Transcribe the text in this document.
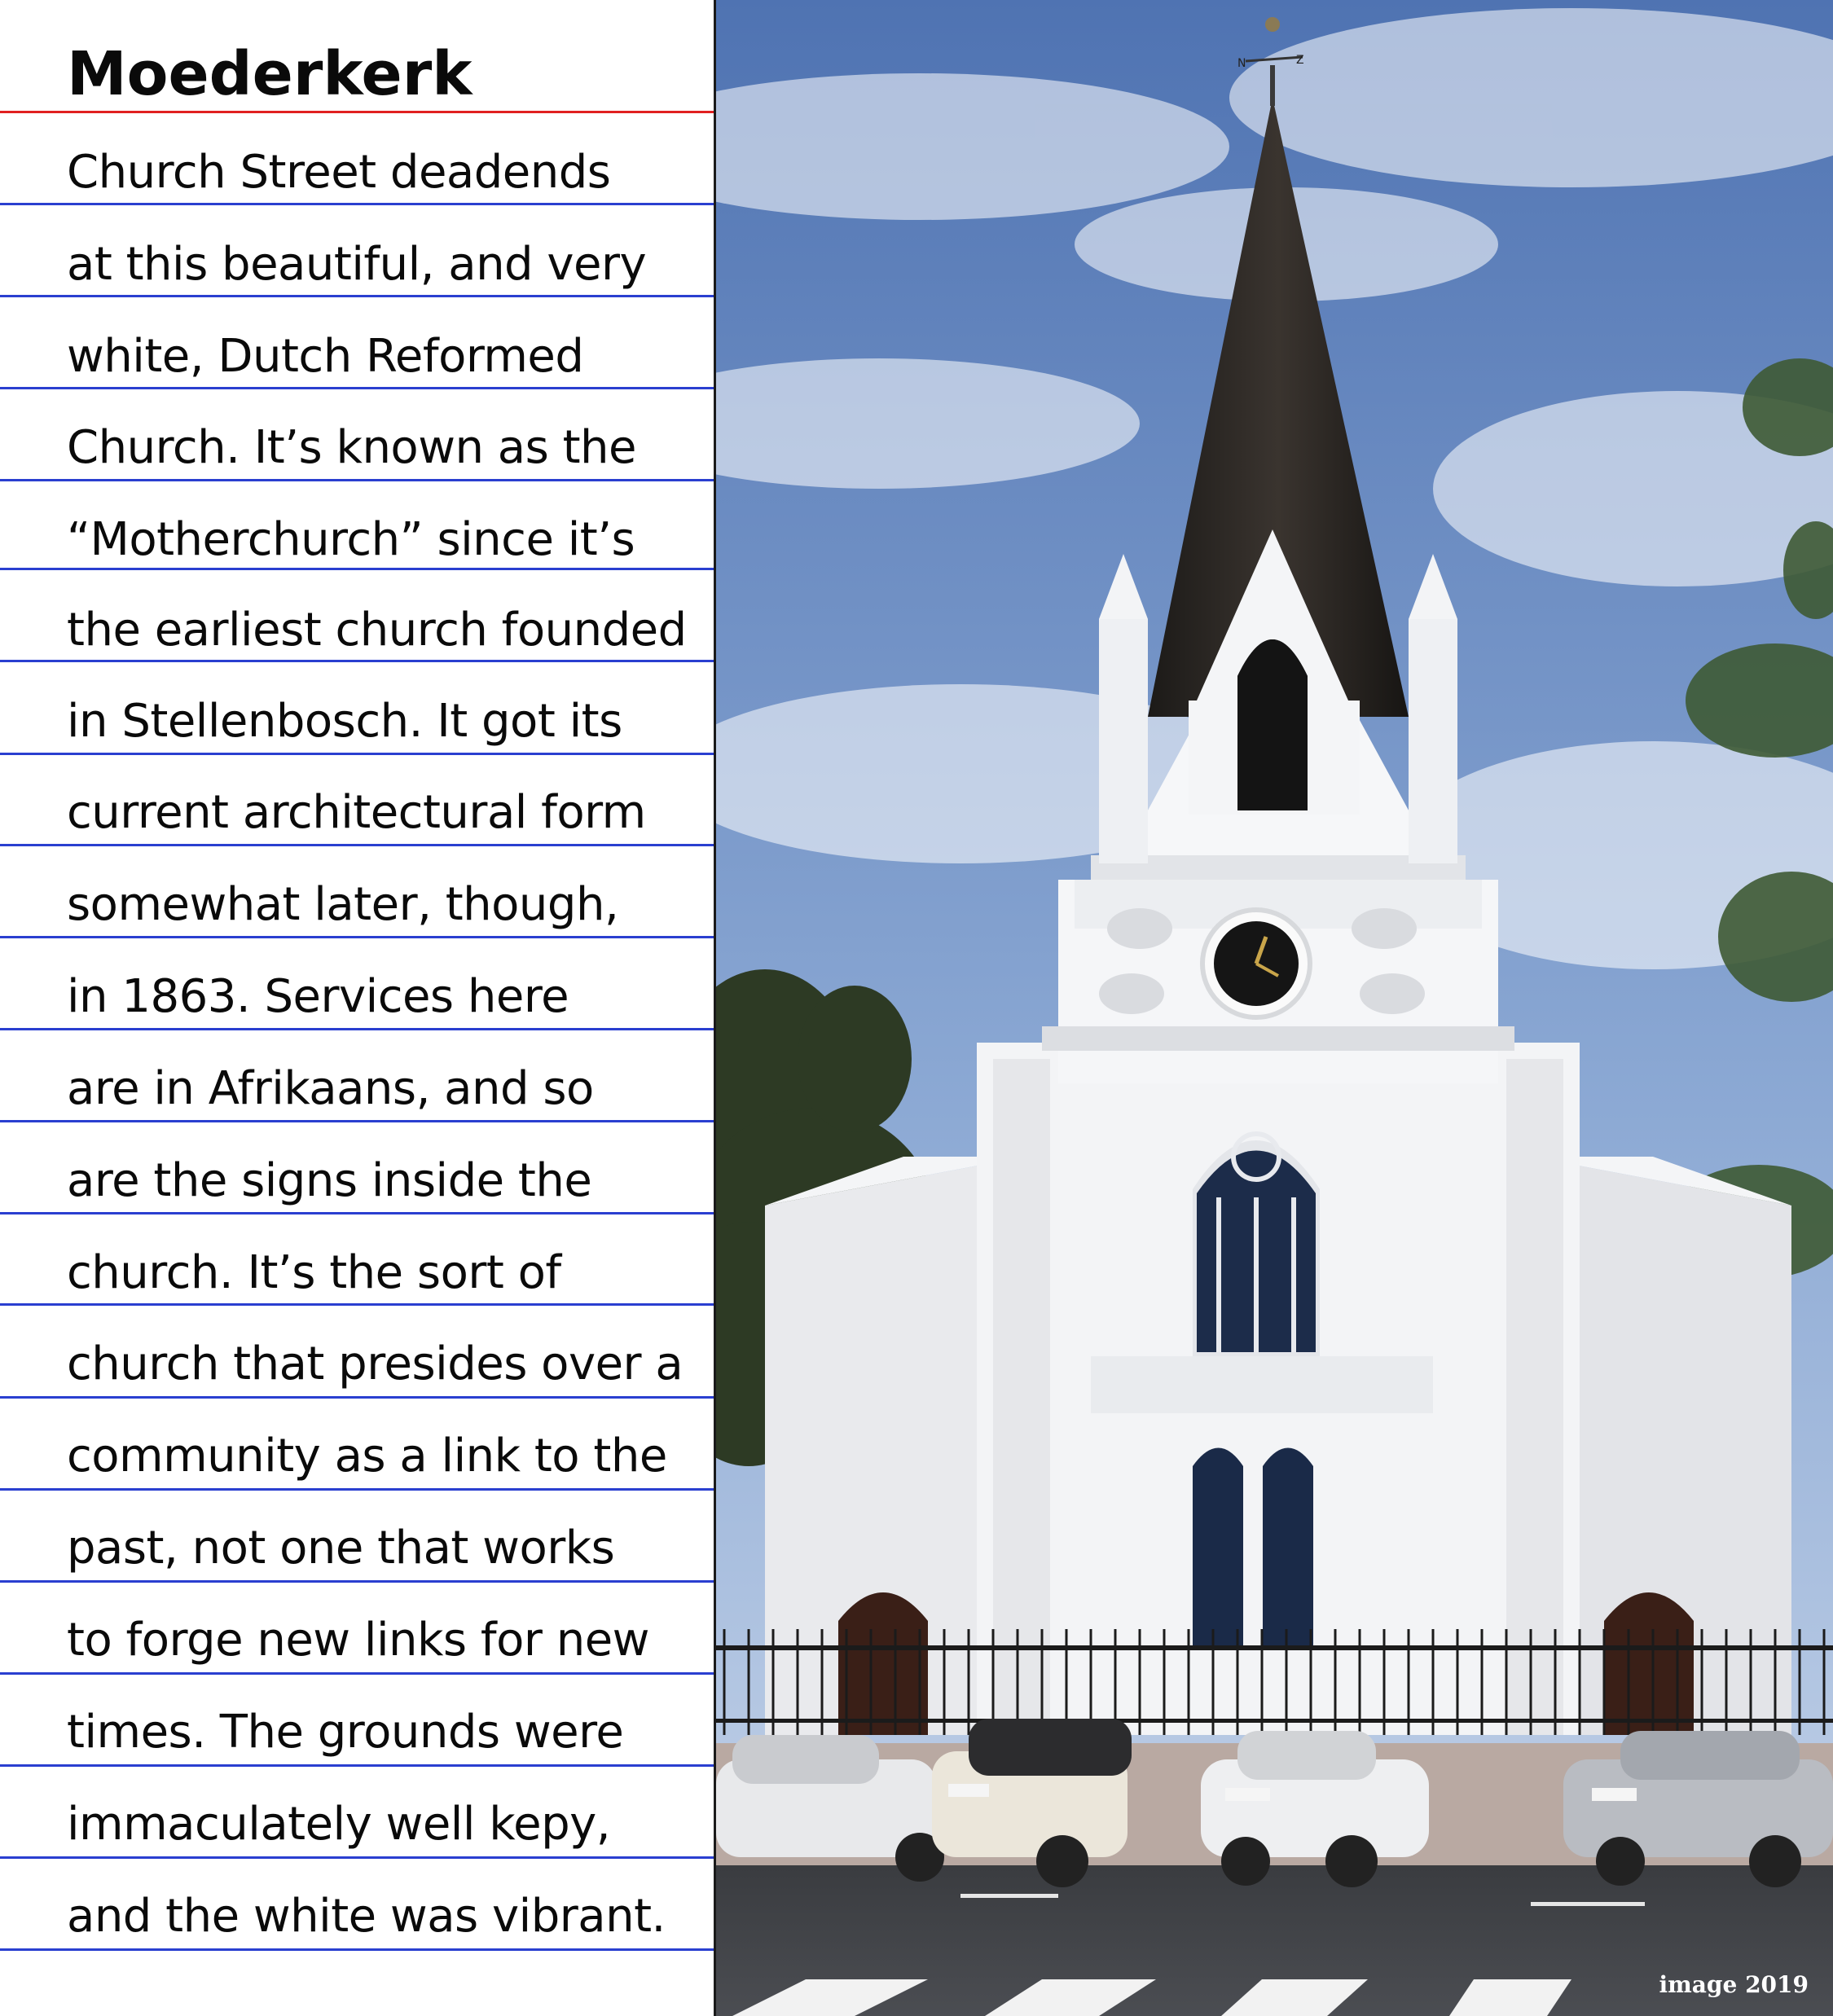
Moederkerk
Church Street deadends
at this beautiful, and very
white, Dutch Reformed
Church. It’s known as the
“Motherchurch” since it’s
the earliest church founded
in Stellenbosch. It got its
current architectural form
somewhat later, though,
in 1863. Services here
are in Afrikaans, and so
are the signs inside the
church. It’s the sort of
church that presides over a
community as a link to the
past, not one that works
to forge new links for new
times. The grounds were
immaculately well kepy,
and the white was vibrant.
N	Z
image 2019
